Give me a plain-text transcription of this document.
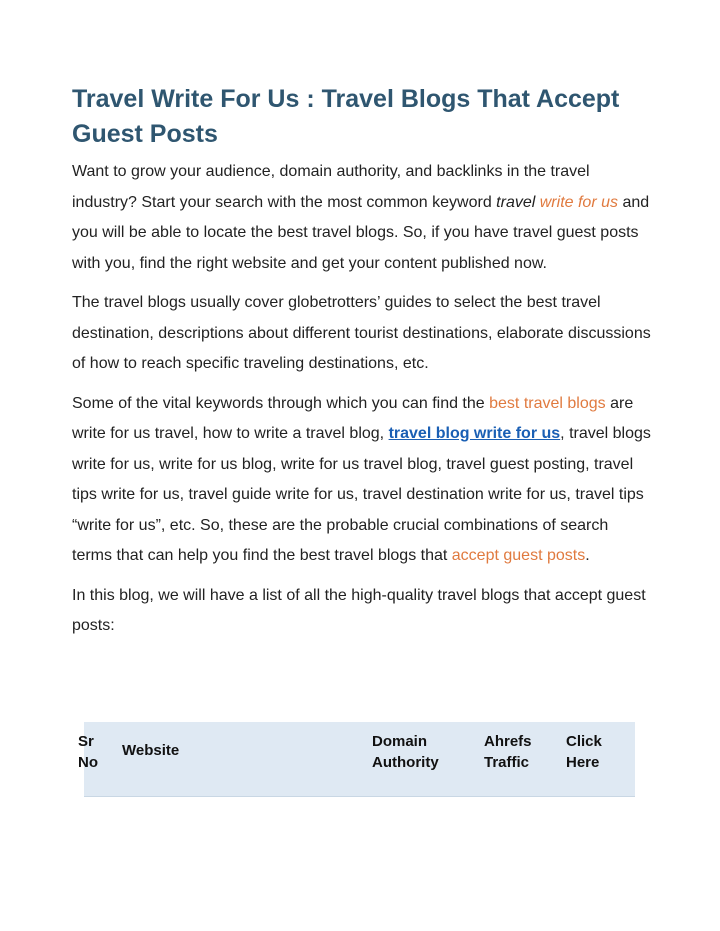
Travel Write For Us : Travel Blogs That Accept Guest Posts

Want to grow your audience, domain authority, and backlinks in the travel industry? Start your search with the most common keyword travel write for us and you will be able to locate the best travel blogs. So, if you have travel guest posts with you, find the right website and get your content published now.

The travel blogs usually cover globetrotters’ guides to select the best travel destination, descriptions about different tourist destinations, elaborate discussions of how to reach specific traveling destinations, etc.

Some of the vital keywords through which you can find the best travel blogs are write for us travel, how to write a travel blog, travel blog write for us, travel blogs write for us, write for us blog, write for us travel blog, travel guest posting, travel tips write for us, travel guide write for us, travel destination write for us, travel tips “write for us”, etc. So, these are the probable crucial combinations of search terms that can help you find the best travel blogs that accept guest posts.

In this blog, we will have a list of all the high-quality travel blogs that accept guest posts:

Sr
No
Website
Domain
Authority
Ahrefs
Traffic
Click
Here
